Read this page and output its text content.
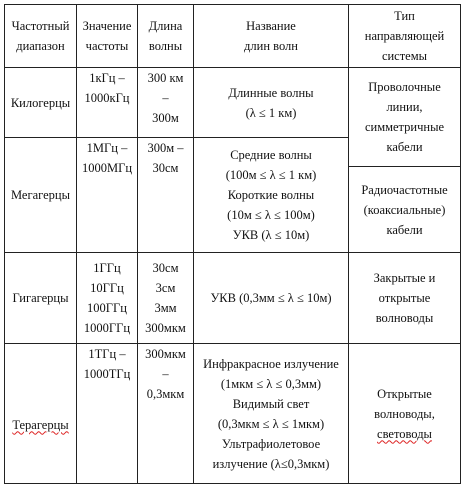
Частотный
диапазон
Значение
частоты
Длина
волны
Название
длин волн
Тип
направляющей
системы
Килогерцы
1кГц –
1000кГц
300 км
–
300м
Длинные волны
(λ ≤ 1 км)
Проволочные
линии,
симметричные
кабели
Мегагерцы
1МГц –
1000МГц
300м –
30см
Средние волны
(100м ≤ λ ≤ 1 км)
Короткие волны
(10м ≤ λ ≤ 100м)
УКВ (λ ≤ 10м)
Радиочастотные
(коаксиальные)
кабели
Гигагерцы
1ГГц
10ГГц
100ГГц
1000ГГц
30см
3см
3мм
300мкм
УКВ (0,3мм ≤ λ ≤ 10м)
Закрытые и
открытые
волноводы
Терагерцы
1ТГц –
1000ТГц
300мкм
–
0,3мкм
Инфракрасное излучение
(1мкм ≤ λ ≤ 0,3мм)
Видимый свет
(0,3мкм ≤ λ ≤ 1мкм)
Ультрафиолетовое
излучение (λ≤0,3мкм)
Открытые
волноводы,
световоды
